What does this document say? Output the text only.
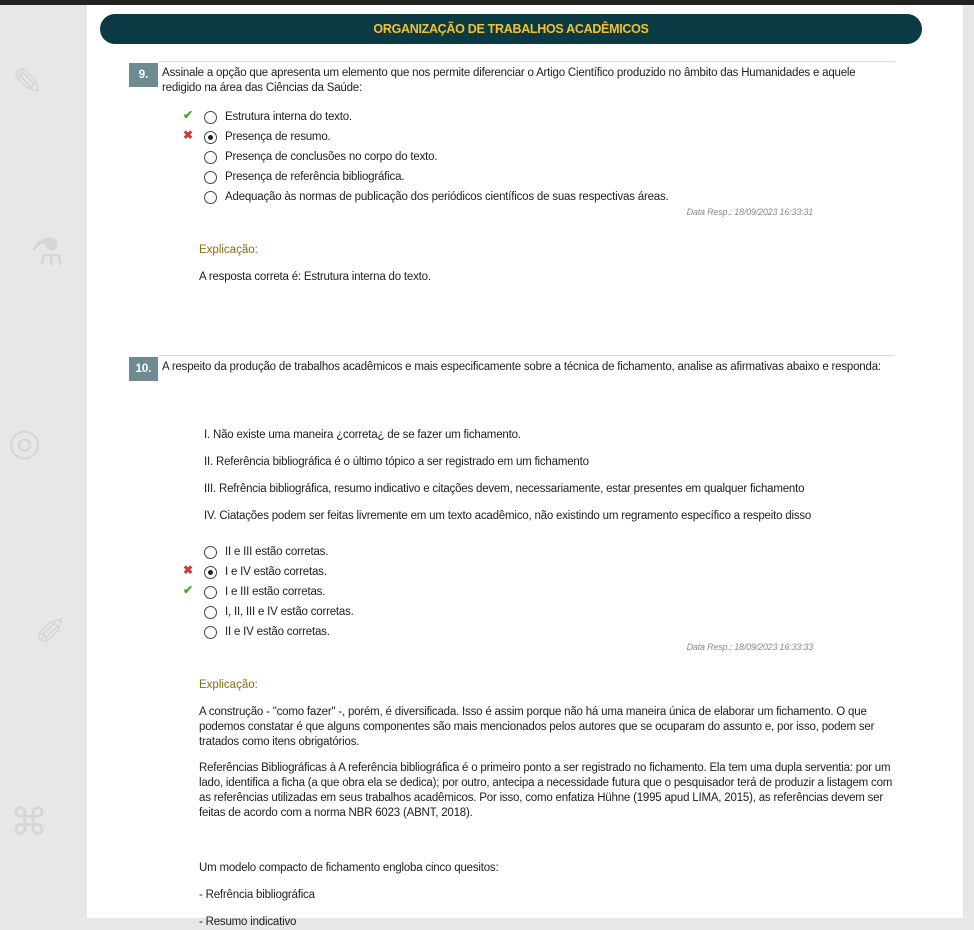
✎
⚗
◎
✐
⌘
ORGANIZAÇÃO DE TRABALHOS ACADÊMICOS
9.	Assinale a opção que apresenta um elemento que nos permite diferenciar o Artigo Científico produzido no âmbito das Humanidades e aquele redigido na área das Ciências da Saúde:
✔	Estrutura interna do texto.
✖	Presença de resumo.
Presença de conclusões no corpo do texto.
Presença de referência bibliográfica.
Adequação às normas de publicação dos periódicos científicos de suas respectivas áreas.
Data Resp.: 18/09/2023 16:33:31
Explicação:
A resposta correta é: Estrutura interna do texto.
10. A respeito da produção de trabalhos acadêmicos e mais especificamente sobre a técnica de fichamento, analise as afirmativas abaixo e responda:
I. Não existe uma maneira ¿correta¿ de se fazer um fichamento.
II. Referência bibliográfica é o último tópico a ser registrado em um fichamento
III. Refrência bibliográfica, resumo indicativo e citações devem, necessariamente, estar presentes em qualquer fichamento
IV. Ciatações podem ser feitas livremente em um texto acadêmico, não existindo um regramento específico a respeito disso
II e III estão corretas.
✖	I e IV estão corretas.
✔	I e III estão corretas.
I, II, III e IV estão corretas.
II e IV estão corretas.
Data Resp.: 18/09/2023 16:33:33
Explicação:
A construção - "como fazer" -, porém, é diversificada. Isso é assim porque não há uma maneira única de elaborar um fichamento. O que podemos constatar é que alguns componentes são mais mencionados pelos autores que se ocuparam do assunto e, por isso, podem ser tratados como itens obrigatórios.
Referências Bibliográficas à A referência bibliográfica é o primeiro ponto a ser registrado no fichamento. Ela tem uma dupla serventia: por um lado, identifica a ficha (a que obra ela se dedica); por outro, antecipa a necessidade futura que o pesquisador terá de produzir a listagem com as referências utilizadas em seus trabalhos acadêmicos. Por isso, como enfatiza Hühne (1995 apud LIMA, 2015), as referências devem ser feitas de acordo com a norma NBR 6023 (ABNT, 2018).
Um modelo compacto de fichamento engloba cinco quesitos:
- Refrência bibliográfica
- Resumo indicativo
